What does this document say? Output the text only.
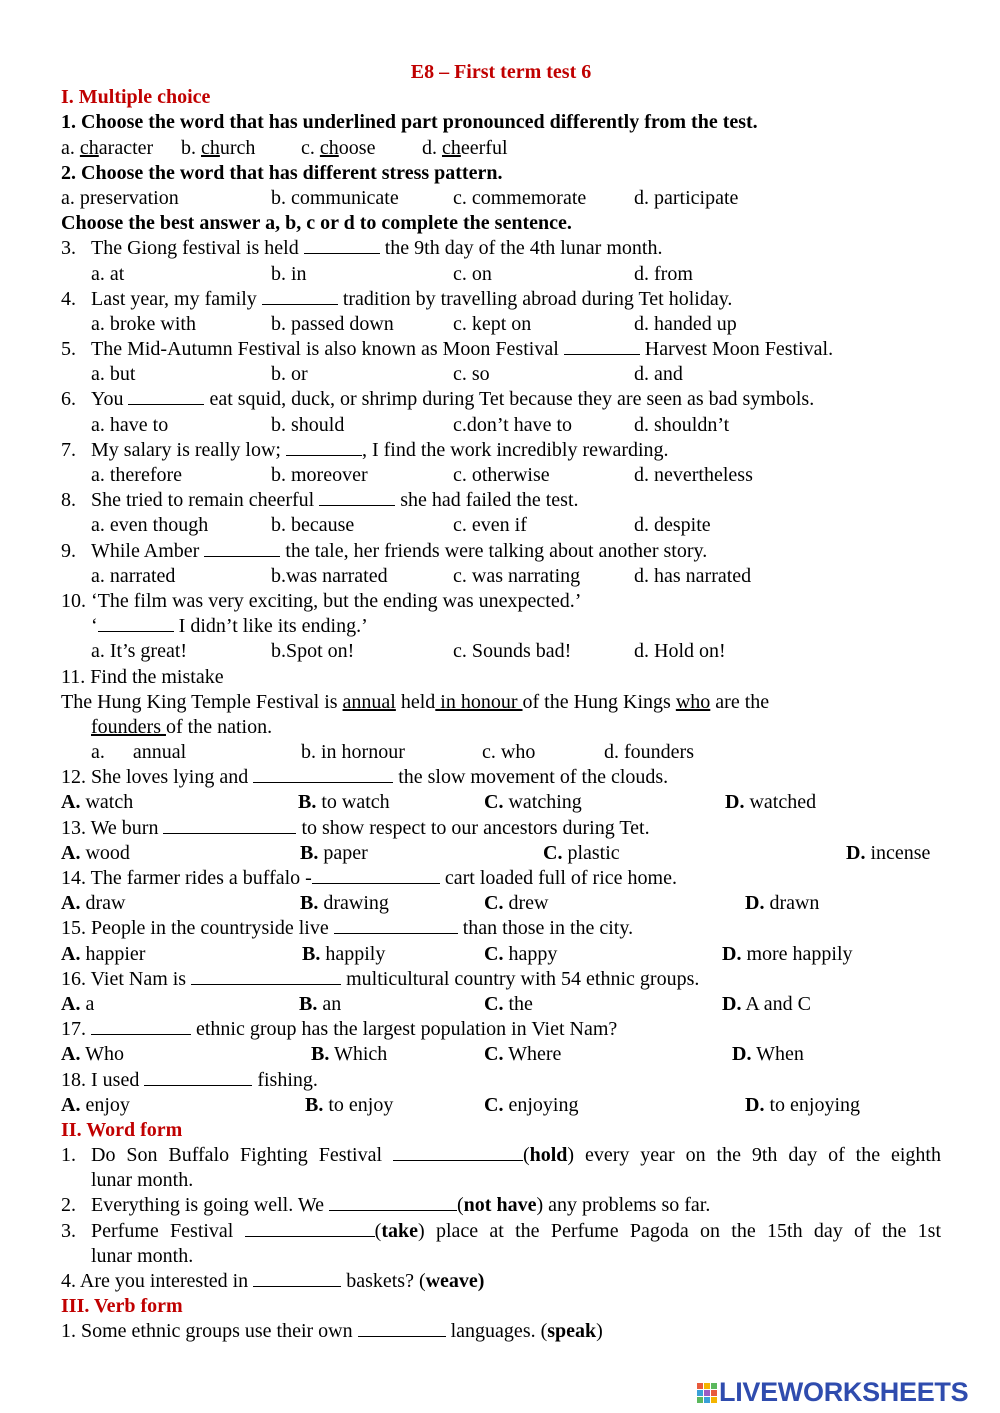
E8 – First term test 6
I. Multiple choice
1. Choose the word that has underlined part pronounced differently from the test.
a. character b. church c. choose d. cheerful
2. Choose the word that has different stress pattern.
a. preservation	b. communicate	c. commemorate d. participate
Choose the best answer a, b, c or d to complete the sentence.
3. The Giong festival is held	the 9th day of the 4th lunar month.
a. at	b. in	c. on	d. from
4. Last year, my family	tradition by travelling abroad during Tet holiday.
a. broke with	b. passed down	c. kept on	d. handed up
5. The Mid-Autumn Festival is also known as Moon Festival	Harvest Moon Festival.
a. but	b. or	c. so	d. and
6. You	eat squid, duck, or shrimp during Tet because they are seen as bad symbols.
a. have to	b. should	c.don’t have to	d. shouldn’t
7. My salary is really low;	, I find the work incredibly rewarding.
a. therefore	b. moreover	c. otherwise	d. nevertheless
8. She tried to remain cheerful	she had failed the test.
a. even though	b. because	c. even if	d. despite
9. While Amber	the tale, her friends were talking about another story.
a. narrated	b.was narrated	c. was narrating	d. has narrated
10. ‘The film was very exciting, but the ending was unexpected.’
‘	I didn’t like its ending.’
a. It’s great!	b.Spot on!	c. Sounds bad!	d. Hold on!
11. Find the mistake
The Hung King Temple Festival is annual held in honour of the Hung Kings who are the
founders of the nation.
a. annual	b. in hornour	c. who	d. founders
12. She loves lying and	the slow movement of the clouds.
A. watch	B. to watch	C. watching	D. watched
13. We burn	to show respect to our ancestors during Tet.
A. wood	B. paper	C. plastic	D. incense
14. The farmer rides a buffalo -	cart loaded full of rice home.
A. draw	B. drawing	C. drew	D. drawn
15. People in the countryside live	than those in the city.
A. happier	B. happily	C. happy	D. more happily
16. Viet Nam is	multicultural country with 54 ethnic groups.
A. a	B. an	C. the	D. A and C
17.	ethnic group has the largest population in Viet Nam?
A. Who	B. Which	C. Where	D. When
18. I used	fishing.
A. enjoy	B. to enjoy	C. enjoying	D. to enjoying
II. Word form
1. Do Son Buffalo Fighting Festival	(hold) every year on the 9th day of the eighth
lunar month.
2. Everything is going well. We	(not have) any problems so far.
3. Perfume Festival	(take) place at the Perfume Pagoda on the 15th day of the 1st
lunar month.
4. Are you interested in	baskets? (weave)
III. Verb form
1. Some ethnic groups use their own	languages. (speak)
LIVEWORKSHEETS
